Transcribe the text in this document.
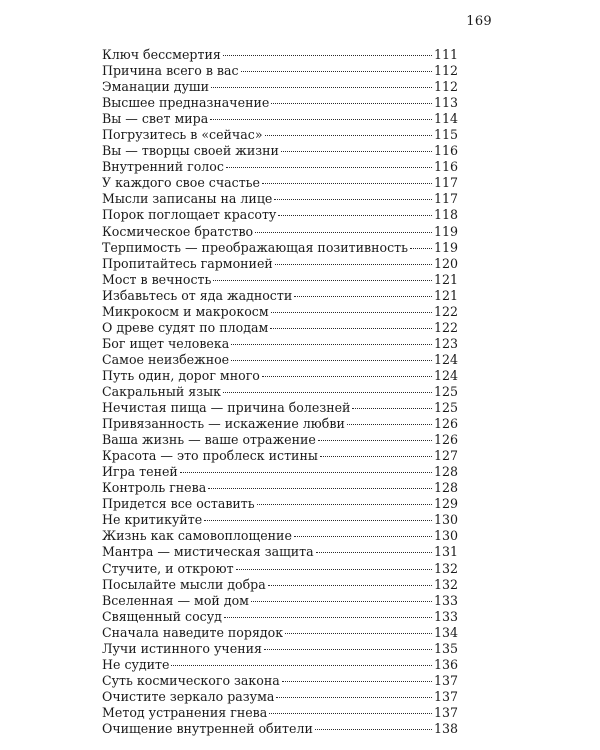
169
Ключ бессмертия	111
Причина всего в вас	112
Эманации души	112
Высшее предназначение	113
Вы — свет мира	114
Погрузитесь в «сейчас»	115
Вы — творцы своей жизни	116
Внутренний голос	116
У каждого свое счастье	117
Мысли записаны на лице	117
Порок поглощает красоту	118
Космическое братство	119
Терпимость — преображающая позитивность 119
Пропитайтесь гармонией	120
Мост в вечность	121
Избавьтесь от яда жадности	121
Микрокосм и макрокосм	122
О древе судят по плодам	122
Бог ищет человека	123
Самое неизбежное	124
Путь один, дорог много	124
Сакральный язык	125
Нечистая пища — причина болезней	125
Привязанность — искажение любви	126
Ваша жизнь — ваше отражение	126
Красота — это проблеск истины	127
Игра теней	128
Контроль гнева	128
Придется все оставить	129
Не критикуйте	130
Жизнь как самовоплощение	130
Мантра — мистическая защита	131
Стучите, и откроют	132
Посылайте мысли добра	132
Вселенная — мой дом	133
Священный сосуд	133
Сначала наведите порядок	134
Лучи истинного учения	135
Не судите	136
Суть космического закона	137
Очистите зеркало разума	137
Метод устранения гнева	137
Очищение внутренней обители	138
